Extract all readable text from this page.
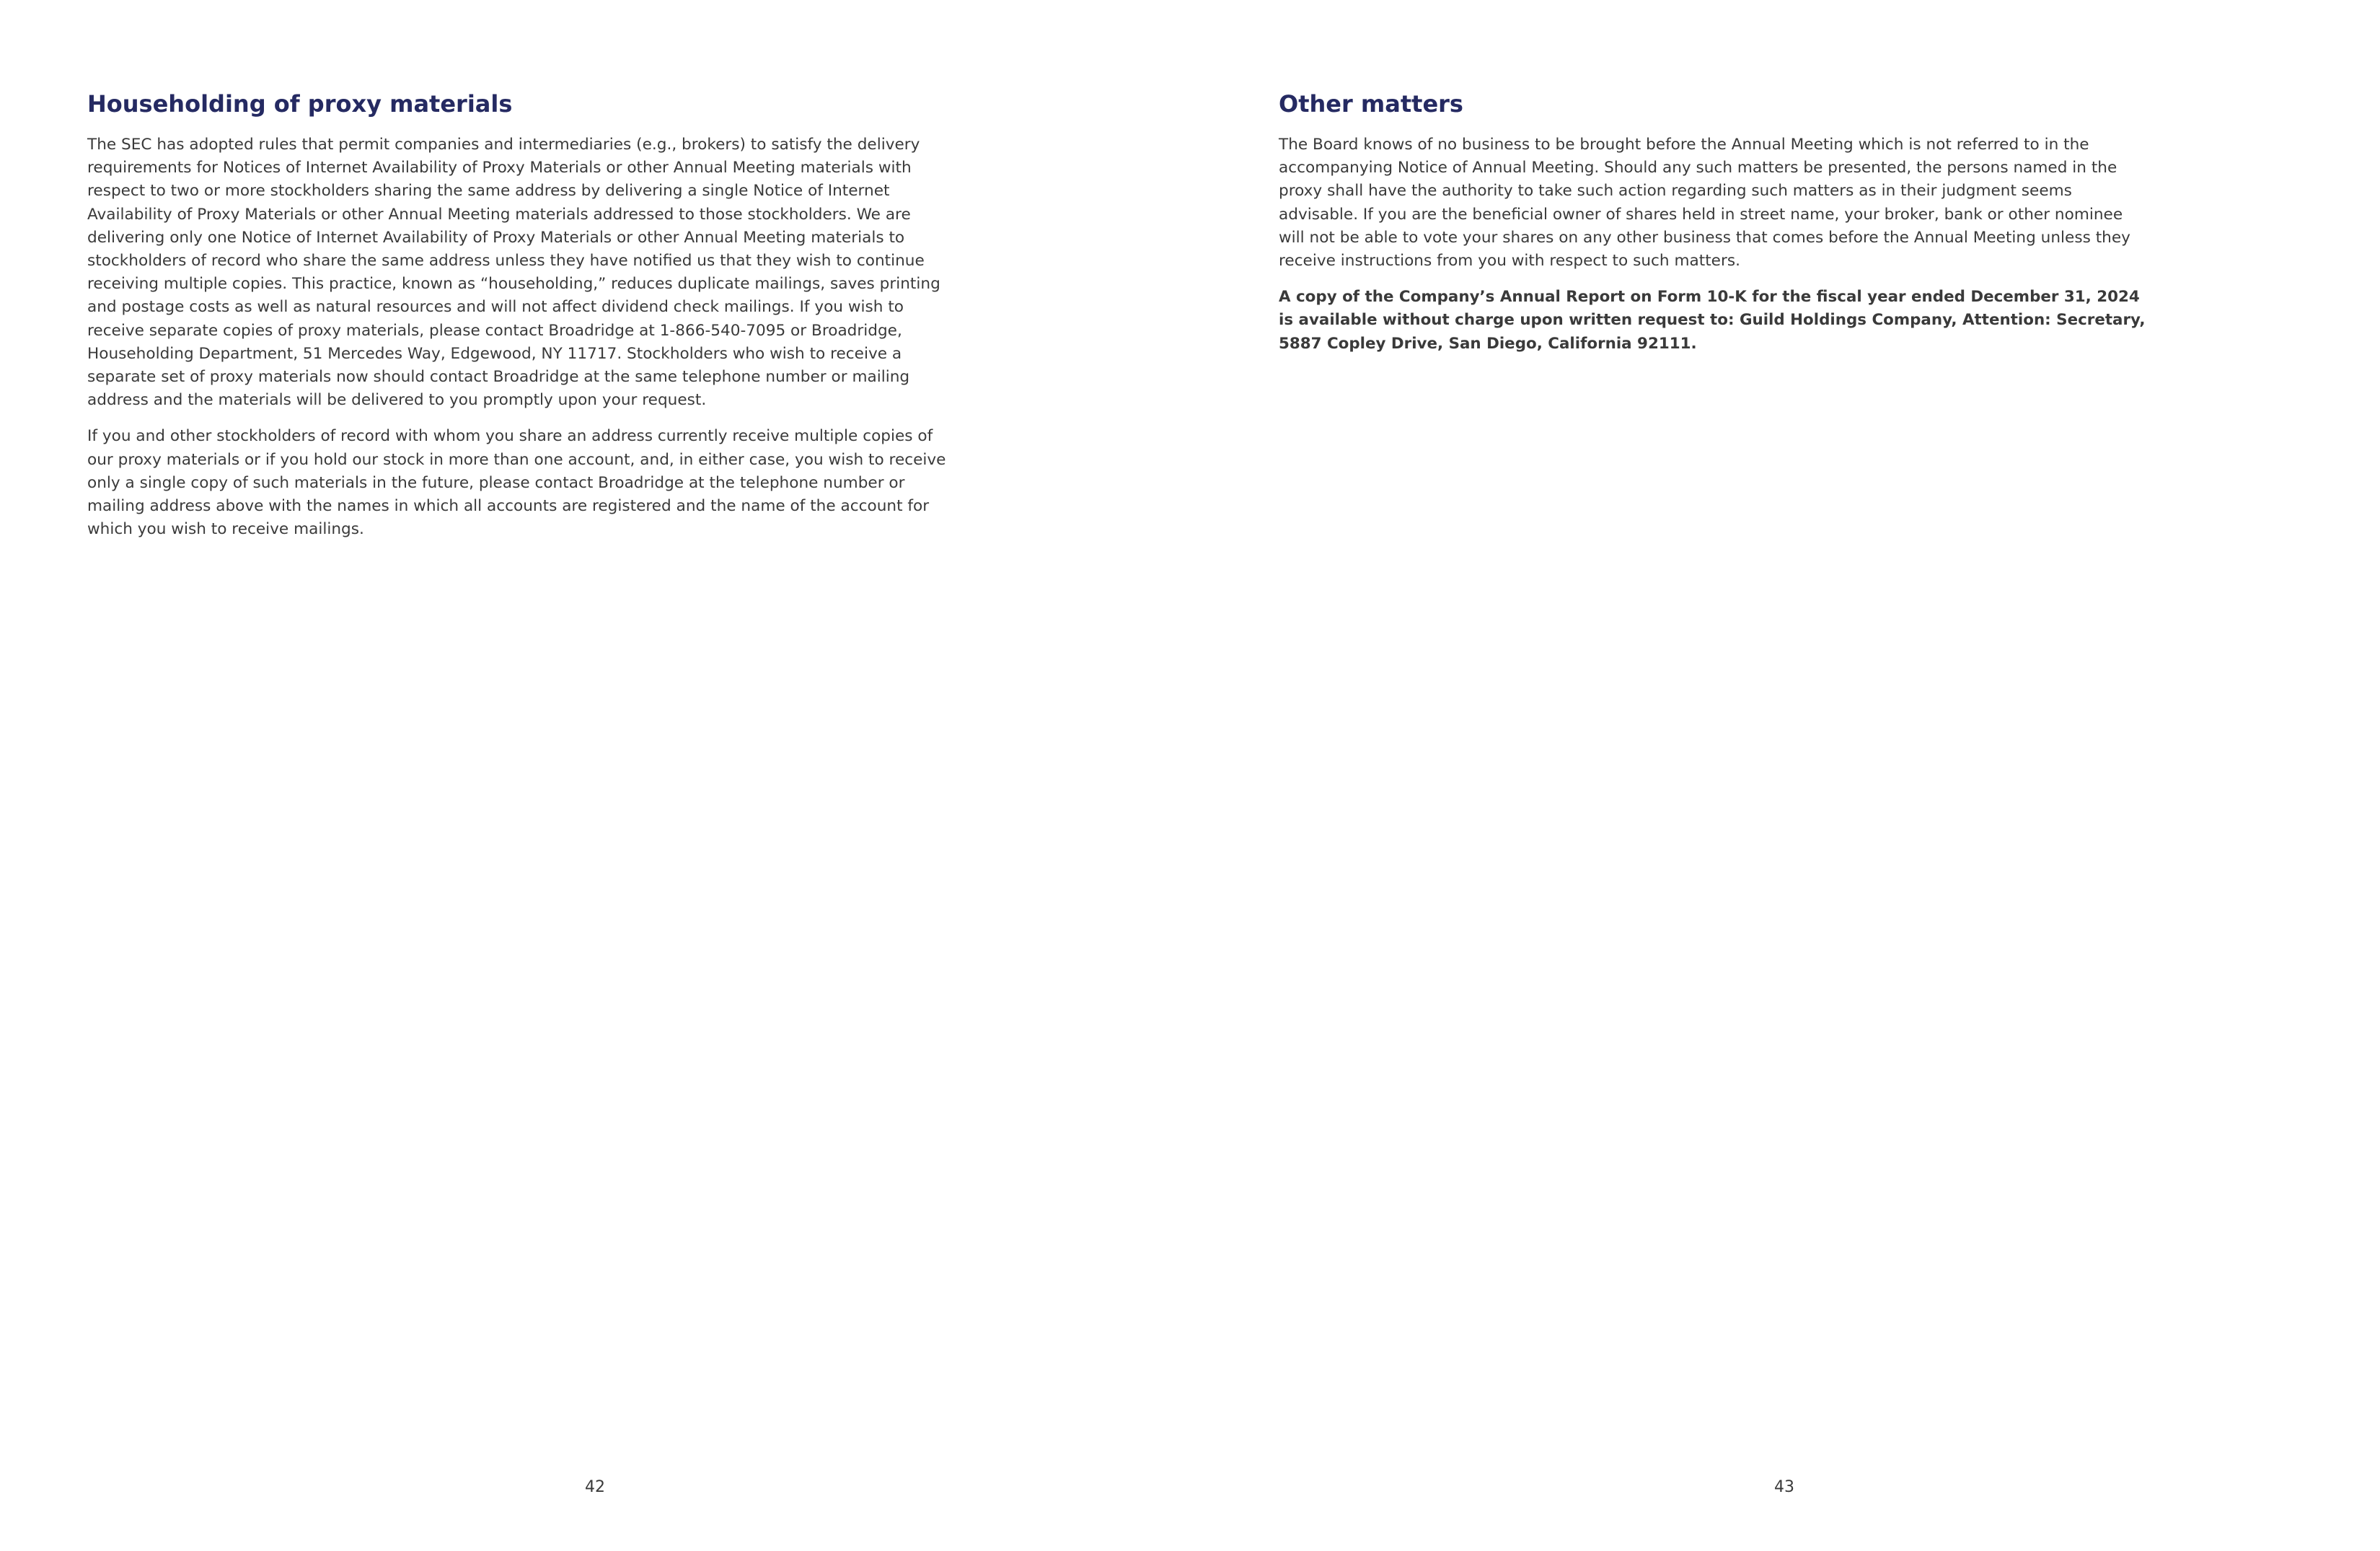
Householding of proxy materials

The SEC has adopted rules that permit companies and intermediaries (e.g., brokers) to satisfy the delivery
requirements for Notices of Internet Availability of Proxy Materials or other Annual Meeting materials with
respect to two or more stockholders sharing the same address by delivering a single Notice of Internet
Availability of Proxy Materials or other Annual Meeting materials addressed to those stockholders. We are
delivering only one Notice of Internet Availability of Proxy Materials or other Annual Meeting materials to
stockholders of record who share the same address unless they have notified us that they wish to continue
receiving multiple copies. This practice, known as “householding,” reduces duplicate mailings, saves printing
and postage costs as well as natural resources and will not affect dividend check mailings. If you wish to
receive separate copies of proxy materials, please contact Broadridge at 1-866-540-7095 or Broadridge,
Householding Department, 51 Mercedes Way, Edgewood, NY 11717. Stockholders who wish to receive a
separate set of proxy materials now should contact Broadridge at the same telephone number or mailing
address and the materials will be delivered to you promptly upon your request.

If you and other stockholders of record with whom you share an address currently receive multiple copies of
our proxy materials or if you hold our stock in more than one account, and, in either case, you wish to receive
only a single copy of such materials in the future, please contact Broadridge at the telephone number or
mailing address above with the names in which all accounts are registered and the name of the account for
which you wish to receive mailings.

42
Other matters

The Board knows of no business to be brought before the Annual Meeting which is not referred to in the
accompanying Notice of Annual Meeting. Should any such matters be presented, the persons named in the
proxy shall have the authority to take such action regarding such matters as in their judgment seems
advisable. If you are the beneficial owner of shares held in street name, your broker, bank or other nominee
will not be able to vote your shares on any other business that comes before the Annual Meeting unless they
receive instructions from you with respect to such matters.

A copy of the Company’s Annual Report on Form 10-K for the fiscal year ended December 31, 2024
is available without charge upon written request to: Guild Holdings Company, Attention: Secretary,
5887 Copley Drive, San Diego, California 92111.

43
